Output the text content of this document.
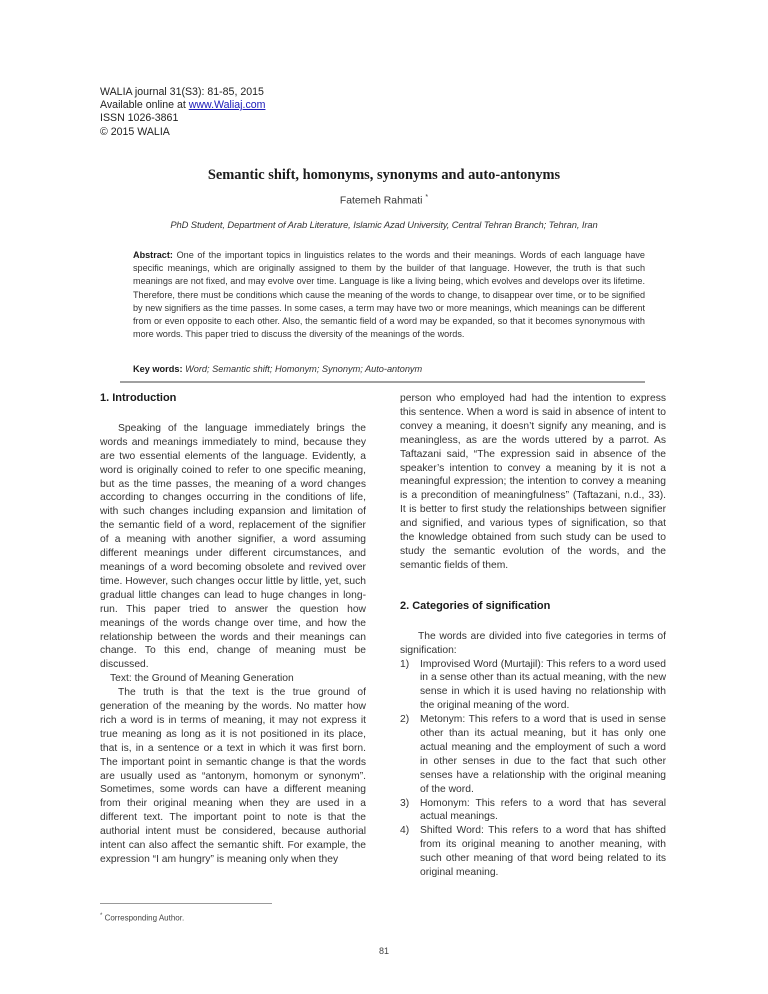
WALIA journal 31(S3): 81-85, 2015
Available online at www.Waliaj.com
ISSN 1026-3861
© 2015 WALIA
Semantic shift, homonyms, synonyms and auto-antonyms
Fatemeh Rahmati *
PhD Student, Department of Arab Literature, Islamic Azad University, Central Tehran Branch; Tehran, Iran
Abstract: One of the important topics in linguistics relates to the words and their meanings. Words of each language have specific meanings, which are originally assigned to them by the builder of that language. However, the truth is that such meanings are not fixed, and may evolve over time. Language is like a living being, which evolves and develops over its lifetime. Therefore, there must be conditions which cause the meaning of the words to change, to disappear over time, or to be signified by new signifiers as the time passes. In some cases, a term may have two or more meanings, which meanings can be different from or even opposite to each other. Also, the semantic field of a word may be expanded, so that it becomes synonymous with more words. This paper tried to discuss the diversity of the meanings of the words.
Key words: Word; Semantic shift; Homonym; Synonym; Auto-antonym
1. Introduction

Speaking of the language immediately brings the words and meanings immediately to mind, because they are two essential elements of the language. Evidently, a word is originally coined to refer to one specific meaning, but as the time passes, the meaning of a word changes according to changes occurring in the conditions of life, with such changes including expansion and limitation of the semantic field of a word, replacement of the signifier of a meaning with another signifier, a word assuming different meanings under different circumstances, and meanings of a word becoming obsolete and revived over time. However, such changes occur little by little, yet, such gradual little changes can lead to huge changes in long-run. This paper tried to answer the question how meanings of the words change over time, and how the relationship between the words and their meanings can change. To this end, change of meaning must be discussed.

Text: the Ground of Meaning Generation

The truth is that the text is the true ground of generation of the meaning by the words. No matter how rich a word is in terms of meaning, it may not express it true meaning as long as it is not positioned in its place, that is, in a sentence or a text in which it was first born. The important point in semantic change is that the words are usually used as “antonym, homonym or synonym”. Sometimes, some words can have a different meaning from their original meaning when they are used in a different text. The important point to note is that the authorial intent must be considered, because authorial intent can also affect the semantic shift. For example, the expression “I am hungry” is meaning only when they

person who employed had had the intention to express this sentence. When a word is said in absence of intent to convey a meaning, it doesn’t signify any meaning, and is meaningless, as are the words uttered by a parrot. As Taftazani said, “The expression said in absence of the speaker’s intention to convey a meaning by it is not a meaningful expression; the intention to convey a meaning is a precondition of meaningfulness” (Taftazani, n.d., 33). It is better to first study the relationships between signifier and signified, and various types of signification, so that the knowledge obtained from such study can be used to study the semantic evolution of the words, and the semantic fields of them.

2. Categories of signification

The words are divided into five categories in terms of signification:

1) Improvised Word (Murtajil): This refers to a word used in a sense other than its actual meaning, with the new sense in which it is used having no relationship with the original meaning of the word.
2) Metonym: This refers to a word that is used in sense other than its actual meaning, but it has only one actual meaning and the employment of such a word in other senses in due to the fact that such other senses have a relationship with the original meaning of the word.
3) Homonym: This refers to a word that has several actual meanings.
4) Shifted Word: This refers to a word that has shifted from its original meaning to another meaning, with such other meaning of that word being related to its original meaning.
* Corresponding Author.
81
